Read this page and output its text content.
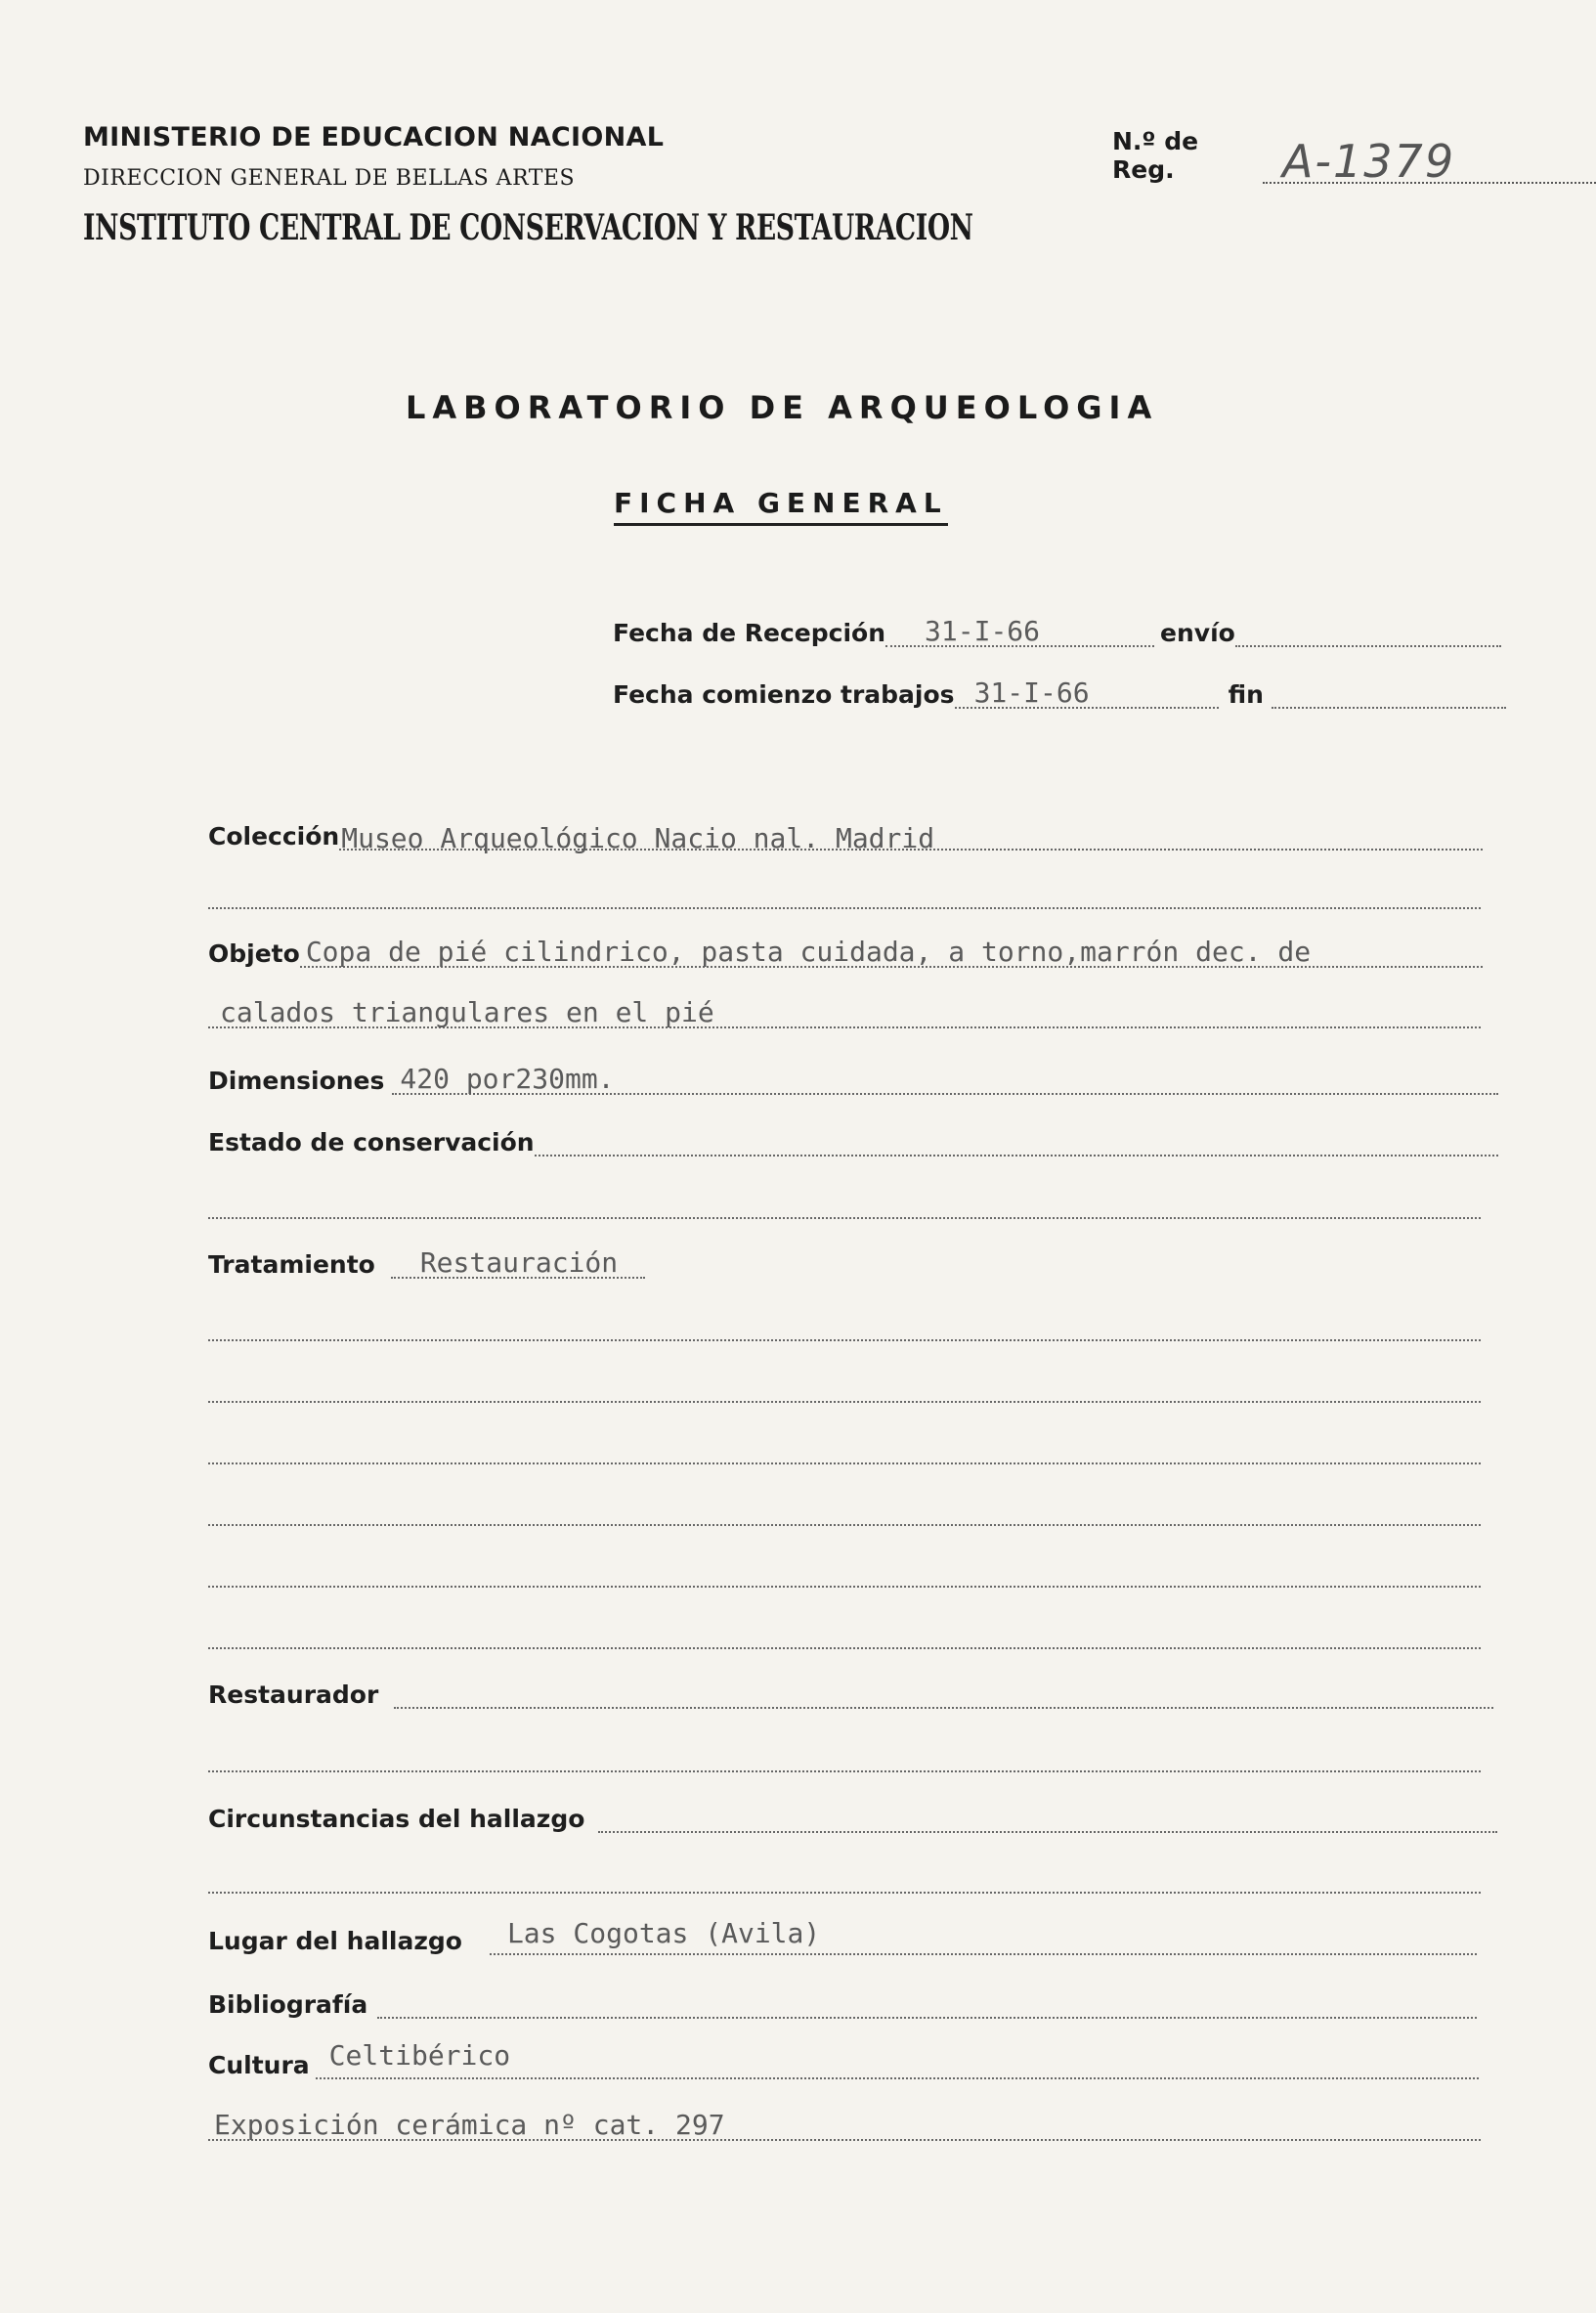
MINISTERIO DE EDUCACION NACIONAL
DIRECCION GENERAL DE BELLAS ARTES
INSTITUTO CENTRAL DE CONSERVACION Y RESTAURACION
N.º de Reg.	A-1379
LABORATORIO DE ARQUEOLOGIA
FICHA GENERAL
Fecha de Recepción 31-I-66	envío
Fecha comienzo trabajos 31-I-66	fin
Colección Museo Arqueológico Nacio nal. Madrid
Objeto Copa de pié cilindrico, pasta cuidada, a torno,marrón dec. de
calados triangulares en el pié
Dimensiones 420 por230mm.
Estado de conservación
Tratamiento Restauración
Restaurador
Circunstancias del hallazgo
Lugar del hallazgo Las Cogotas (Avila)
Bibliografía
Cultura Celtibérico
Exposición cerámica nº cat. 297
